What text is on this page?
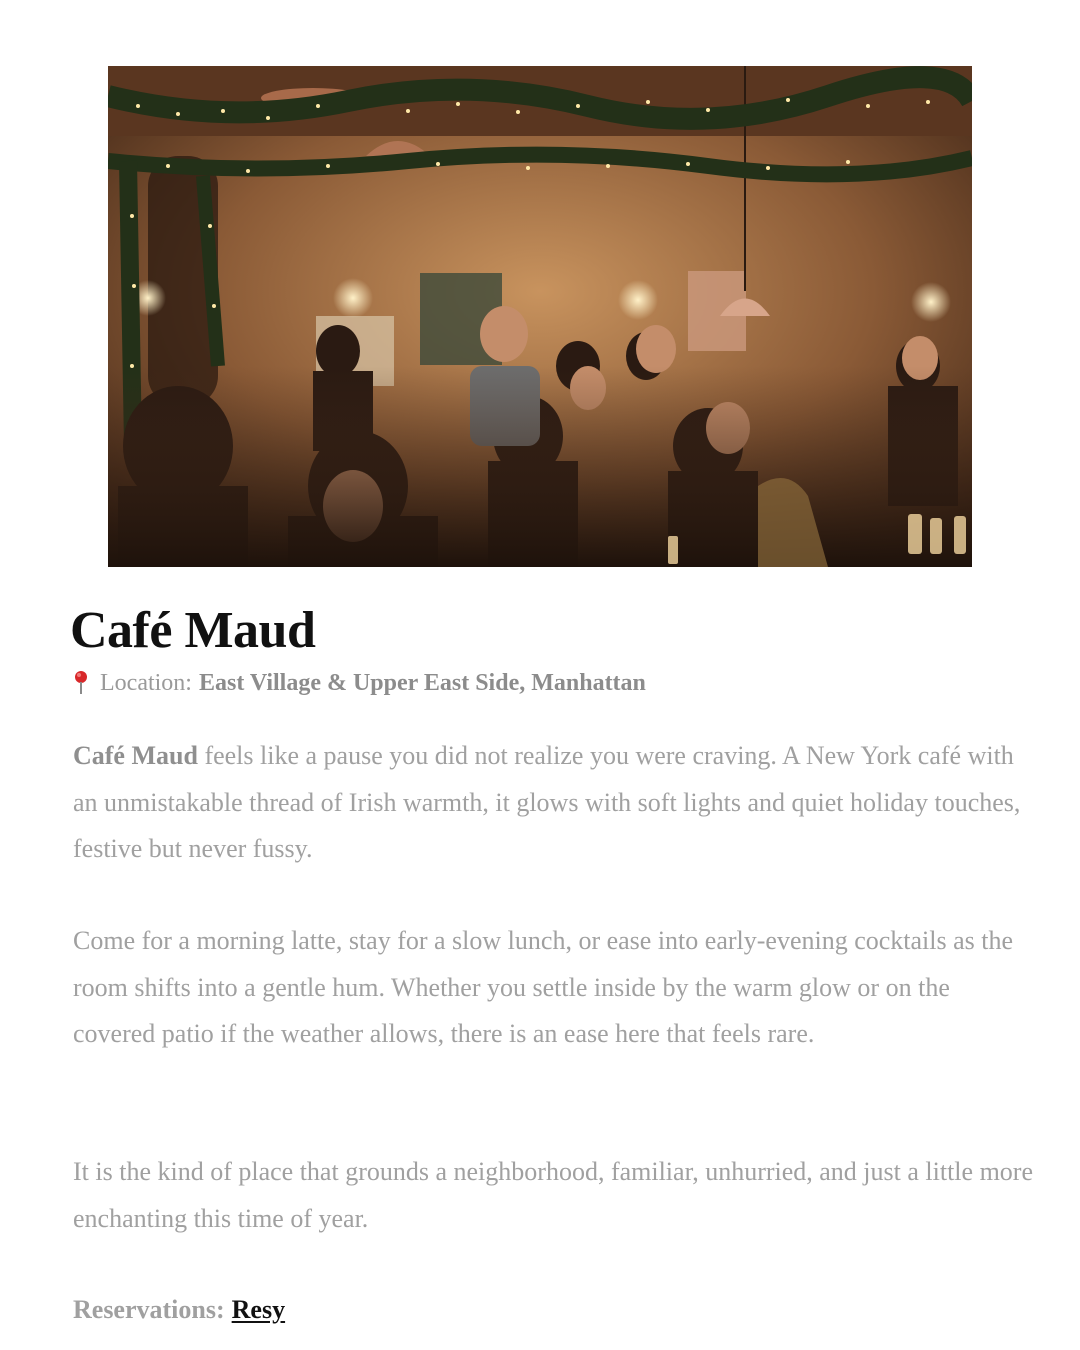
Café Maud
Location: East Village & Upper East Side, Manhattan

Café Maud feels like a pause you did not realize you were craving. A New York café with an unmistakable thread of Irish warmth, it glows with soft lights and quiet holiday touches, festive but never fussy.

Come for a morning latte, stay for a slow lunch, or ease into early-evening cocktails as the room shifts into a gentle hum. Whether you settle inside by the warm glow or on the covered patio if the weather allows, there is an ease here that feels rare.

It is the kind of place that grounds a neighborhood, familiar, unhurried, and just a little more enchanting this time of year.

Reservations: Resy
